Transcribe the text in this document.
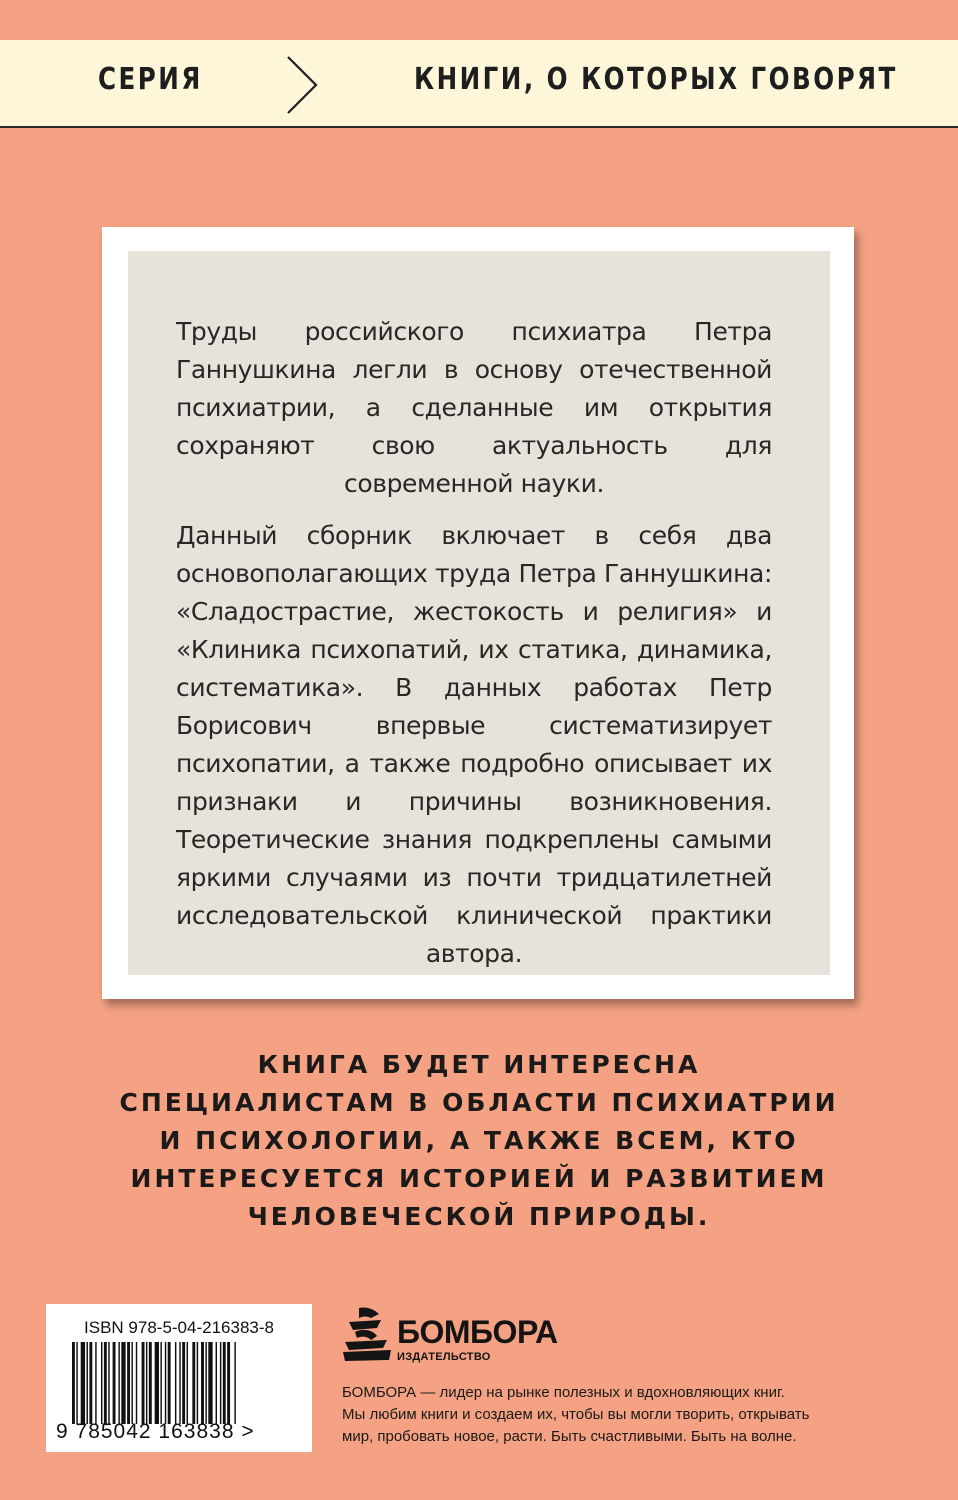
СЕРИЯ	КНИГИ, О КОТОРЫХ ГОВОРЯТ

Труды российского психиатра Петра Ганнушкина легли в основу отечественной психиатрии, а сделанные им открытия сохраняют свою актуальность для современной науки.

Данный сборник включает в себя два основополагающих труда Петра Ганнушкина: «Сладострастие, жестокость и религия» и «Клиника психопатий, их статика, динамика, систематика». В данных работах Петр Борисович впервые систематизирует психопатии, а также подробно описывает их признаки и причины возникновения. Теоретические знания подкреплены самыми яркими случаями из почти тридцатилетней исследовательской клинической практики автора.

КНИГА БУДЕТ ИНТЕРЕСНА
СПЕЦИАЛИСТАМ В ОБЛАСТИ ПСИХИАТРИИ
И ПСИХОЛОГИИ, А ТАКЖЕ ВСЕМ, КТО
ИНТЕРЕСУЕТСЯ ИСТОРИЕЙ И РАЗВИТИЕМ
ЧЕЛОВЕЧЕСКОЙ ПРИРОДЫ.
ISBN 978-5-04-216383-8
9 785042 163838 >
БОМБОРА
ИЗДАТЕЛЬСТВО
БОМБОРА — лидер на рынке полезных и вдохновляющих книг.
Мы любим книги и создаем их, чтобы вы могли творить, открывать
мир, пробовать новое, расти. Быть счастливыми. Быть на волне.
